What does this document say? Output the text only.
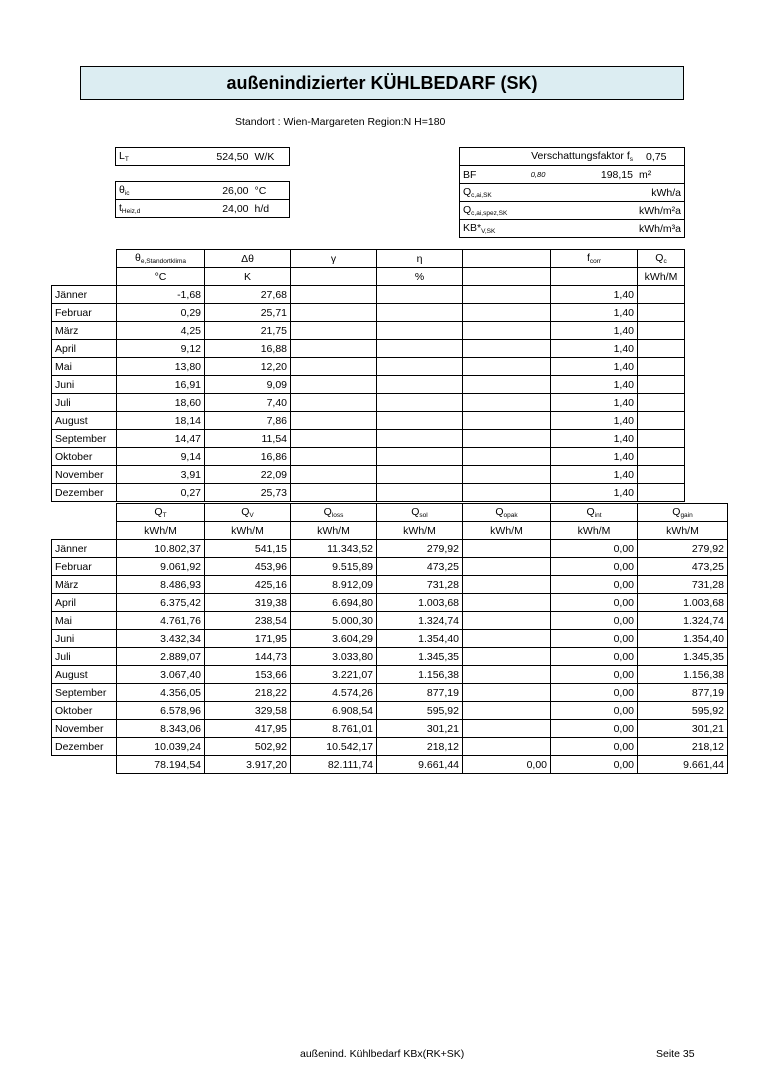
außenindizierter KÜHLBEDARF (SK)
Standort : Wien-Margareten Region:N H=180
$L_T$	524,50	W/K

$\theta_{ic}$	26,00	°C
$t_{Heiz,d}$	24,00	h/d
Verschattungsfaktor $f_s$			0,75
BF	0,80	198,15	m²
$Q_{c,ai,SK}$			kWh/a
$Q_{c,ai,spez,SK}$			kWh/m²a
$KB*_{V,SK}$			kWh/m³a
	$\theta_{e,Standortklima}$	Δθ	γ	η		$f_{corr}$	$Q_c$
	°C	K		%			kWh/M
Jänner	-1,68	27,68				1,40	
Februar	0,29	25,71				1,40	
März	4,25	21,75				1,40	
April	9,12	16,88				1,40	
Mai	13,80	12,20				1,40	
Juni	16,91	9,09				1,40	
Juli	18,60	7,40				1,40	
August	18,14	7,86				1,40	
September	14,47	11,54				1,40	
Oktober	9,14	16,86				1,40	
November	3,91	22,09				1,40	
Dezember	0,27	25,73				1,40	
	$Q_T$	$Q_V$	$Q_{loss}$	$Q_{sol}$	$Q_{opak}$	$Q_{int}$	$Q_{gain}$
	kWh/M	kWh/M	kWh/M	kWh/M	kWh/M	kWh/M	kWh/M
Jänner	10.802,37	541,15	11.343,52	279,92		0,00	279,92
Februar	9.061,92	453,96	9.515,89	473,25		0,00	473,25
März	8.486,93	425,16	8.912,09	731,28		0,00	731,28
April	6.375,42	319,38	6.694,80	1.003,68		0,00	1.003,68
Mai	4.761,76	238,54	5.000,30	1.324,74		0,00	1.324,74
Juni	3.432,34	171,95	3.604,29	1.354,40		0,00	1.354,40
Juli	2.889,07	144,73	3.033,80	1.345,35		0,00	1.345,35
August	3.067,40	153,66	3.221,07	1.156,38		0,00	1.156,38
September	4.356,05	218,22	4.574,26	877,19		0,00	877,19
Oktober	6.578,96	329,58	6.908,54	595,92		0,00	595,92
November	8.343,06	417,95	8.761,01	301,21		0,00	301,21
Dezember	10.039,24	502,92	10.542,17	218,12		0,00	218,12
	78.194,54	3.917,20	82.111,74	9.661,44	0,00	0,00	9.661,44
außenind. Kühlbedarf KBx(RK+SK)	Seite 35
